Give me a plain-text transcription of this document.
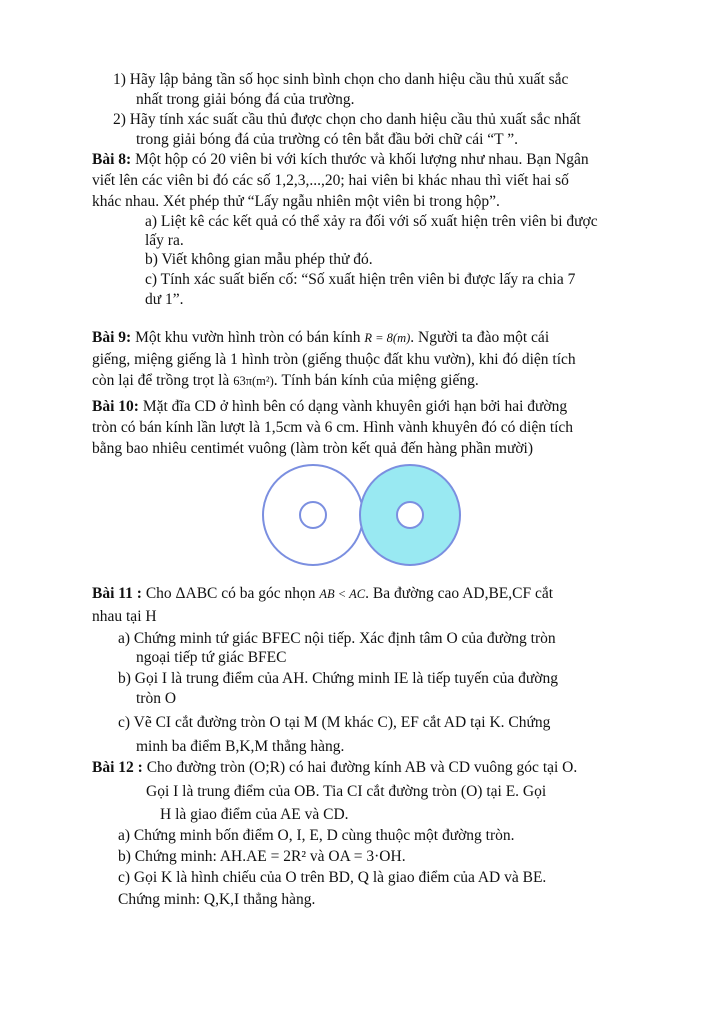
1) Hãy lập bảng tần số học sinh bình chọn cho danh hiệu cầu thủ xuất sắc
nhất trong giải bóng đá của trường.
2) Hãy tính xác suất cầu thủ được chọn cho danh hiệu cầu thủ xuất sắc nhất
trong giải bóng đá của trường có tên bắt đầu bởi chữ cái “T ”.
Bài 8: Một hộp có 20 viên bi với kích thước và khối lượng như nhau. Bạn Ngân
viết lên các viên bi đó các số 1,2,3,...,20; hai viên bi khác nhau thì viết hai số
khác nhau. Xét phép thử “Lấy ngẫu nhiên một viên bi trong hộp”.
a) Liệt kê các kết quả có thể xảy ra đối với số xuất hiện trên viên bi được
lấy ra.
b) Viết không gian mẫu phép thử đó.
c) Tính xác suất biến cố: “Số xuất hiện trên viên bi được lấy ra chia 7
dư 1”.
Bài 9: Một khu vườn hình tròn có bán kính R = 8(m). Người ta đào một cái
giếng, miệng giếng là 1 hình tròn (giếng thuộc đất khu vườn), khi đó diện tích
còn lại để trồng trọt là 63π(m²). Tính bán kính của miệng giếng.
Bài 10: Mặt đĩa CD ở hình bên có dạng vành khuyên giới hạn bởi hai đường
tròn có bán kính lần lượt là 1,5cm và 6 cm. Hình vành khuyên đó có diện tích
bằng bao nhiêu centimét vuông (làm tròn kết quả đến hàng phần mười)
Bài 11 : Cho ΔABC có ba góc nhọn AB < AC. Ba đường cao AD,BE,CF cắt
nhau tại H
a) Chứng minh tứ giác BFEC nội tiếp. Xác định tâm O của đường tròn
ngoại tiếp tứ giác BFEC
b) Gọi I là trung điểm của AH. Chứng minh IE là tiếp tuyến của đường
tròn O
c) Vẽ CI cắt đường tròn O tại M (M khác C), EF cắt AD tại K. Chứng
minh ba điểm B,K,M thẳng hàng.
Bài 12 : Cho đường tròn (O;R) có hai đường kính AB và CD vuông góc tại O.
Gọi I là trung điểm của OB. Tia CI cắt đường tròn (O) tại E. Gọi
H là giao điểm của AE và CD.
a) Chứng minh bốn điểm O, I, E, D cùng thuộc một đường tròn.
b) Chứng minh: AH.AE = 2R² và OA = 3·OH.
c) Gọi K là hình chiếu của O trên BD, Q là giao điểm của AD và BE.
Chứng minh: Q,K,I thẳng hàng.
